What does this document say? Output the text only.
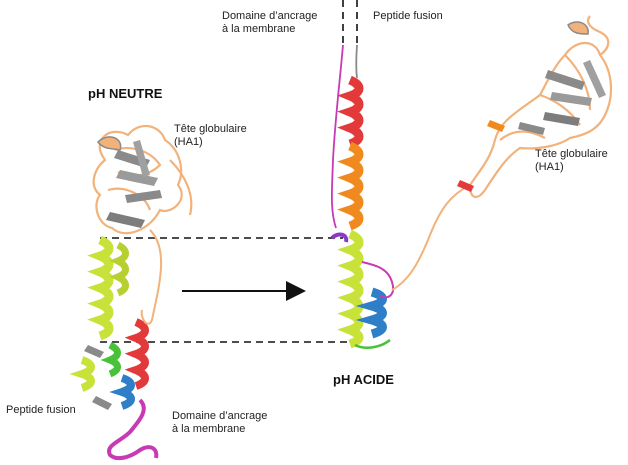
pH NEUTRE
pH ACIDE
Tête globulaire
(HA1)
Tête globulaire
(HA1)
Domaine d’ancrage
à la membrane
Peptide fusion
Peptide fusion	Domaine d’ancrage
à la membrane
